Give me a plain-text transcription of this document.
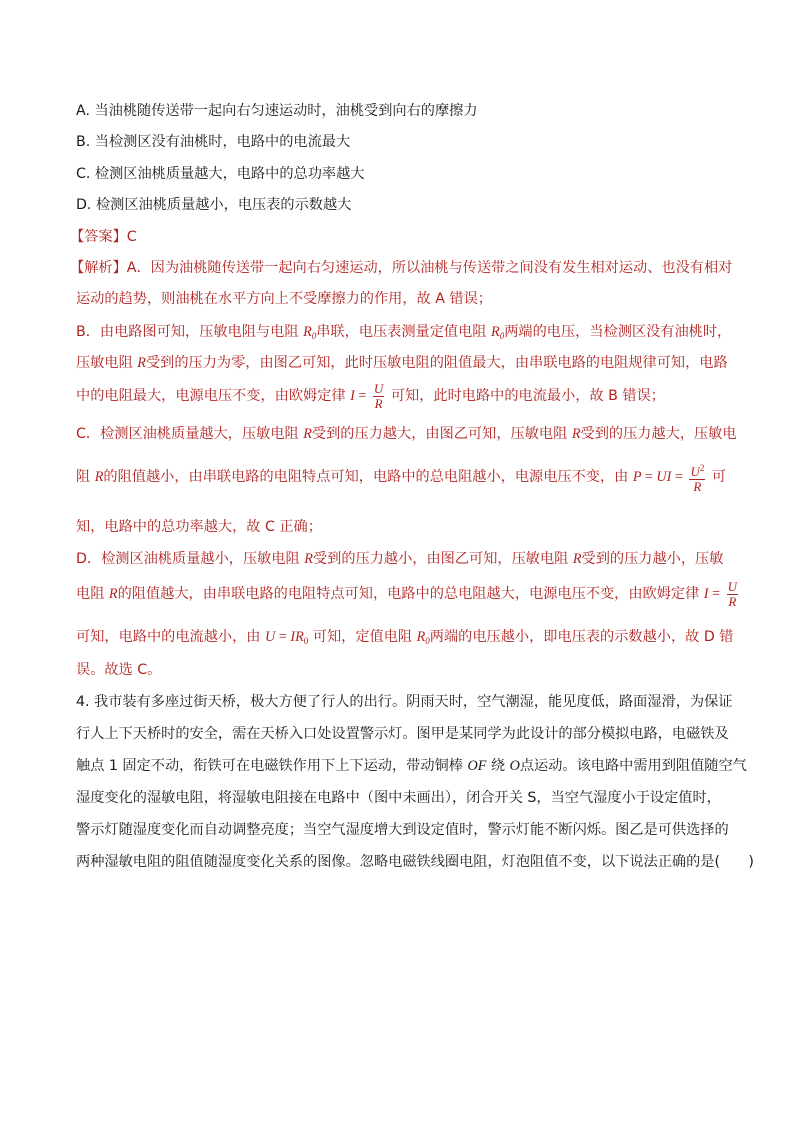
A. 当油桃随传送带一起向右匀速运动时，油桃受到向右的摩擦力
B. 当检测区没有油桃时，电路中的电流最大
C. 检测区油桃质量越大，电路中的总功率越大
D. 检测区油桃质量越小，电压表的示数越大
【答案】C
【解析】A．因为油桃随传送带一起向右匀速运动，所以油桃与传送带之间没有发生相对运动、也没有相对
运动的趋势，则油桃在水平方向上不受摩擦力的作用，故 A 错误；
B．由电路图可知，压敏电阻与电阻 $R_0$串联，电压表测量定值电阻 $R_0$两端的电压，当检测区没有油桃时，
压敏电阻 R受到的压力为零，由图乙可知，此时压敏电阻的阻值最大，由串联电路的电阻规律可知，电路
中的电阻最大，电源电压不变，由欧姆定律 $I = \frac{U}{R}$ 可知，此时电路中的电流最小，故 B 错误；
C．检测区油桃质量越大，压敏电阻 R受到的压力越大，由图乙可知，压敏电阻 R受到的压力越大，压敏电
阻 R的阻值越小，由串联电路的电阻特点可知，电路中的总电阻越小，电源电压不变，由 P = UI = $\frac{U^2}{R}$ 可
知，电路中的总功率越大，故 C 正确；
D．检测区油桃质量越小，压敏电阻 R受到的压力越小，由图乙可知，压敏电阻 R受到的压力越小，压敏
电阻 R的阻值越大，由串联电路的电阻特点可知，电路中的总电阻越大，电源电压不变，由欧姆定律 $I = \frac{U}{R}$
可知，电路中的电流越小，由 $U = IR_0$ 可知，定值电阻 $R_0$两端的电压越小，即电压表的示数越小，故 D 错
误。故选 C。
4. 我市装有多座过街天桥，极大方便了行人的出行。阴雨天时，空气潮湿，能见度低，路面湿滑，为保证
行人上下天桥时的安全，需在天桥入口处设置警示灯。图甲是某同学为此设计的部分模拟电路，电磁铁及
触点 1 固定不动，衔铁可在电磁铁作用下上下运动，带动铜棒 OF 绕 O点运动。该电路中需用到阻值随空气
湿度变化的湿敏电阻，将湿敏电阻接在电路中（图中未画出），闭合开关 S，当空气湿度小于设定值时，
警示灯随湿度变化而自动调整亮度；当空气湿度增大到设定值时，警示灯能不断闪烁。图乙是可供选择的
两种湿敏电阻的阻值随湿度变化关系的图像。忽略电磁铁线圈电阻，灯泡阻值不变，以下说法正确的是(　　)
